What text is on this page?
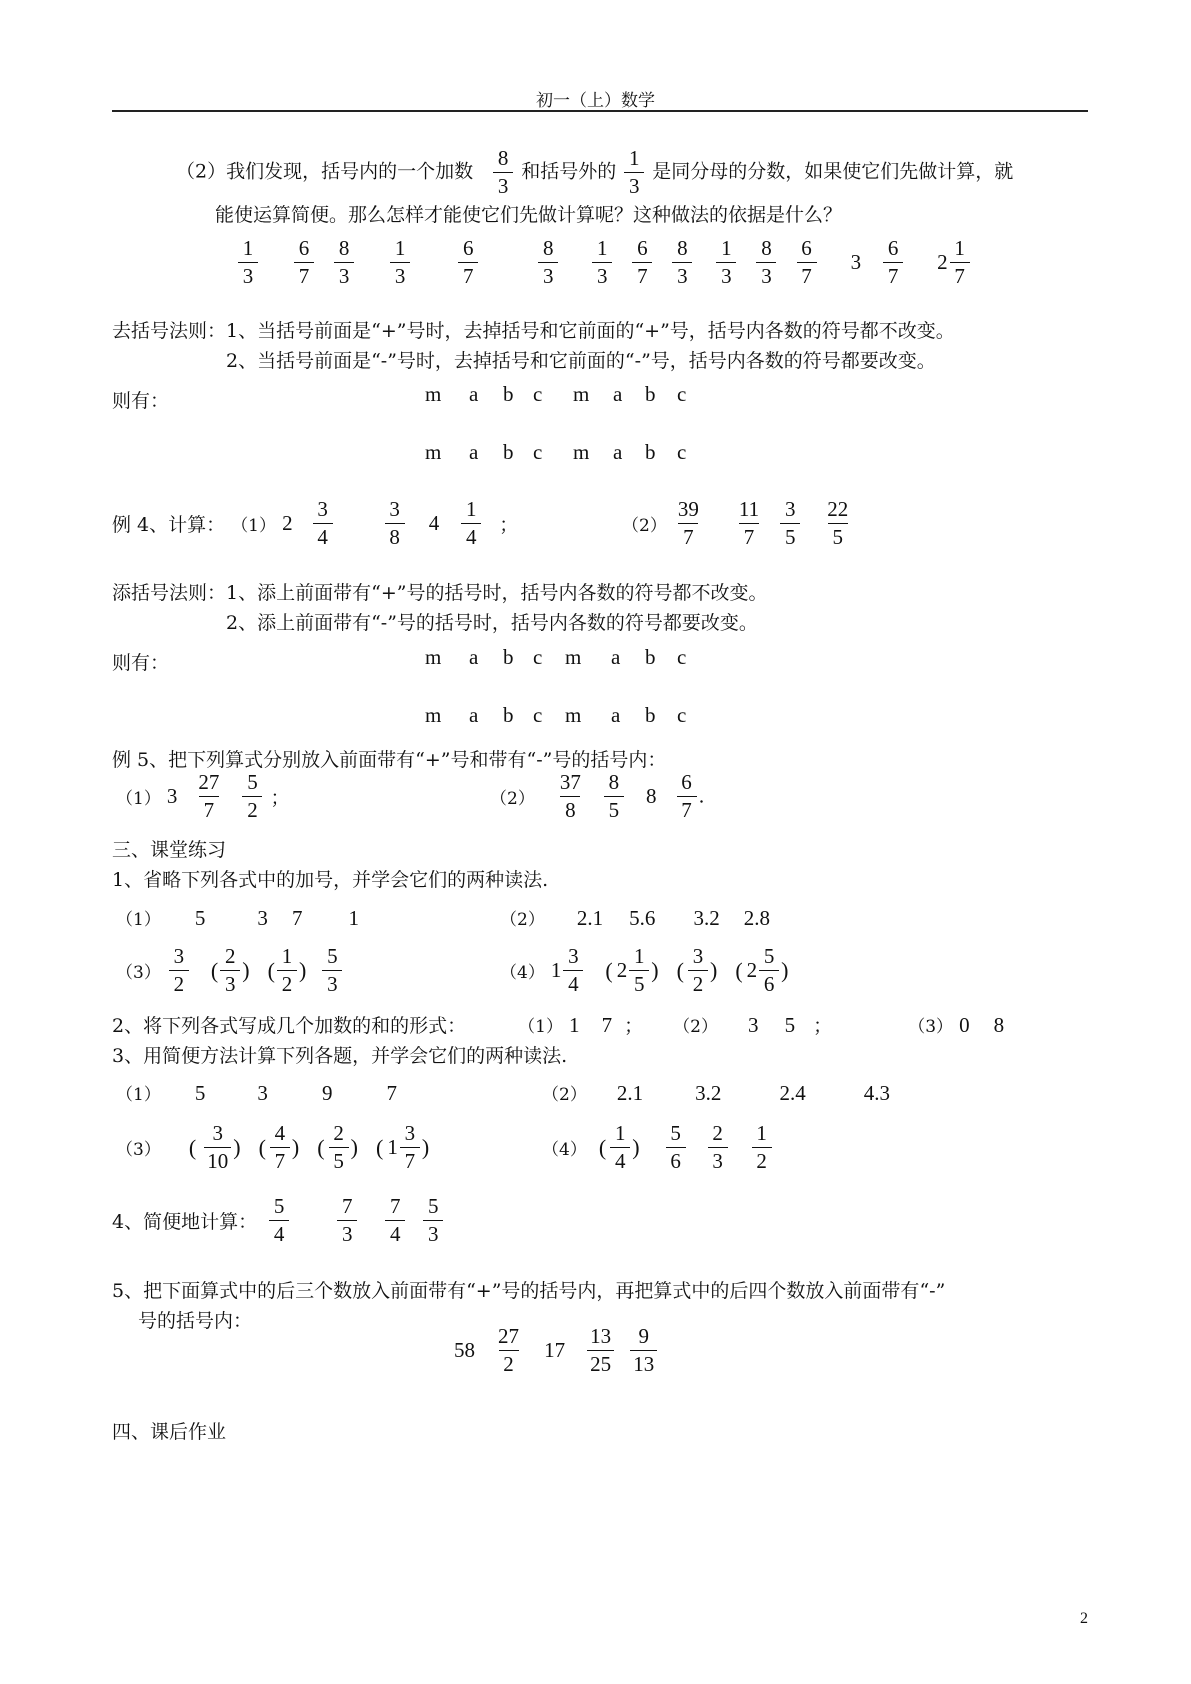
初一（上）数学
（2）我们发现，括号内的一个加数 $\frac{8}{3}$ 和括号外的 $\frac{1}{3}$ 是同分母的分数，如果使它们先做计算，就
能使运算简便。那么怎样才能使它们先做计算呢？这种做法的依据是什么？
$\frac{1}{3}$
$\frac{6}{7}$
$\frac{8}{3}$
$\frac{1}{3}$
$\frac{6}{7}$
	$\frac{8}{3}$
$\frac{1}{3}$
$\frac{6}{7}$
$\frac{8}{3}$
$\frac{1}{3}$
$\frac{8}{3}$
$\frac{6}{7} 3 \frac{6}{7} 2 \frac{1}{7}$
去括号法则：1、当括号前面是“+”号时，去掉括号和它前面的“+”号，括号内各数的符号都不改变。
2、当括号前面是“-”号时，去掉括号和它前面的“-”号，括号内各数的符号都要改变。
则有：	m a b c m a b c
m a b c m a b c
例 4、计算： （1） $2 \frac{3}{4}$
$\frac{3}{8} 4 \frac{1}{4}$ ；	$(2) \frac{39}{7}$
$\frac{11}{7}$
$\frac{3}{5}$
$\frac{22}{5}$
添括号法则：1、添上前面带有“+”号的括号时，括号内各数的符号都不改变。
2、添上前面带有“-”号的括号时，括号内各数的符号都要改变。
则有：	m a b c m a b c
m a b c m a b c
例 5、把下列算式分别放入前面带有“+”号和带有“-”号的括号内：
（1） $3 \frac{27}{7}$
$\frac{5}{2}$ ；	$(2) \frac{37}{8}$
$\frac{8}{5} 8 \frac{6}{7}$ .
三、课堂练习
1、省略下列各式中的加号，并学会它们的两种读法.
（1） 5 3 7 1	（2） 2.1 5.6 3.2 2.8
$(3) \frac{3}{2}$ ( $\frac{2}{3}$ ) ( $\frac{1}{2}$ ) $\frac{5}{3}$	（4） $1 \frac{3}{4}$ ( $2 \frac{1}{5}$ ) ( $\frac{3}{2}$ ) ( $2 \frac{5}{6}$ )
2、将下列各式写成几个加数的和的形式：	（1） 1 7 ； （2） 3 5 ；	（3） 0 8
3、用简便方法计算下列各题，并学会它们的两种读法.
（1） 5 3	9	7	（2） 2.1 3.2	2.4	4.3
（3） ( $\frac{3}{10}$ ) ( $\frac{4}{7}$ ) ( $\frac{2}{5}$ ) ( $1 \frac{3}{7}$ )	（4） ( $\frac{1}{4}$ ) $\frac{5}{6}$
$\frac{2}{3}$
$\frac{1}{2}$
4、简便地计算： $\frac{5}{4}$
$\frac{7}{3}$
$\frac{7}{4}$
$\frac{5}{3}$
5、把下面算式中的后三个数放入前面带有“+”号的括号内，再把算式中的后四个数放入前面带有“-”
号的括号内：
$58 \frac{27}{2} 17 \frac{13}{25}$
$\frac{9}{13}$
四、课后作业
2
